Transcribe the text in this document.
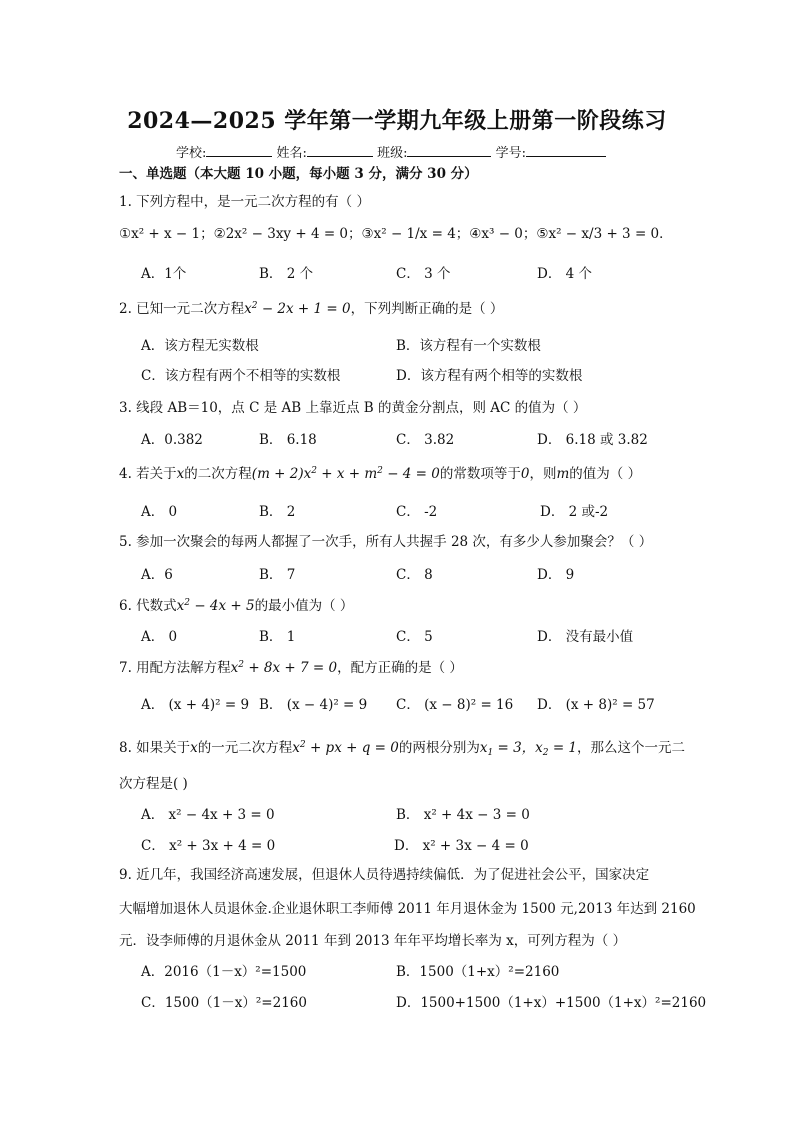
2024—2025 学年第一学期九年级上册第一阶段练习
学校:	姓名:	班级:	学号:
一、单选题（本大题 10 小题，每小题 3 分，满分 30 分）
1. 下列方程中，是一元二次方程的有（ ）
①x² + x − 1；②2x² − 3xy + 4 = 0；③x² − 1/x = 4；④x³ − 0；⑤x² − x/3 + 3 = 0．
A．1个	B． 2 个	C． 3 个	D． 4 个
2. 已知一元二次方程$x^2 - 2x + 1 = 0$，下列判断正确的是（ ）
A．该方程无实数根	B．该方程有一个实数根
C．该方程有两个不相等的实数根	D．该方程有两个相等的实数根
3. 线段 AB＝10，点 C 是 AB 上靠近点 B 的黄金分割点，则 AC 的值为（ ）
A．0.382	B． 6.18	C． 3.82	D． 6.18 或 3.82
4. 若关于x的二次方程$(m + 2)x^2 + x + m^2 - 4 = 0$的常数项等于0，则m的值为（ ）
A． 0	B． 2	C． -2	D． 2 或-2
5. 参加一次聚会的每两人都握了一次手，所有人共握手 28 次，有多少人参加聚会？（ ）
A．6	B． 7	C． 8	D． 9
6. 代数式$x^2 - 4x + 5$的最小值为（ ）
A． 0	B． 1	C． 5	D． 没有最小值
7. 用配方法解方程$x^2 + 8x + 7 = 0$，配方正确的是（ ）
A． (x + 4)² = 9 B． (x − 4)² = 9 C． (x − 8)² = 16 D． (x + 8)² = 57
8. 如果关于x的一元二次方程$x^2$ + px + q = 0的两根分别为$x_1 = 3$，$x_2 = 1$，那么这个一元二
次方程是( )
A． x² − 4x + 3 = 0	B． x² + 4x − 3 = 0
C． x² + 3x + 4 = 0	D． x² + 3x − 4 = 0
9. 近几年，我国经济高速发展，但退休人员待遇持续偏低．为了促进社会公平，国家决定
大幅增加退休人员退休金.企业退休职工李师傅 2011 年月退休金为 1500 元,2013 年达到 2160
元．设李师傅的月退休金从 2011 年到 2013 年年平均增长率为 x，可列方程为（ ）
A．2016（1－x）²=1500	B．1500（1+x）²=2160
C．1500（1－x）²=2160	D．1500+1500（1+x）+1500（1+x）²=2160
